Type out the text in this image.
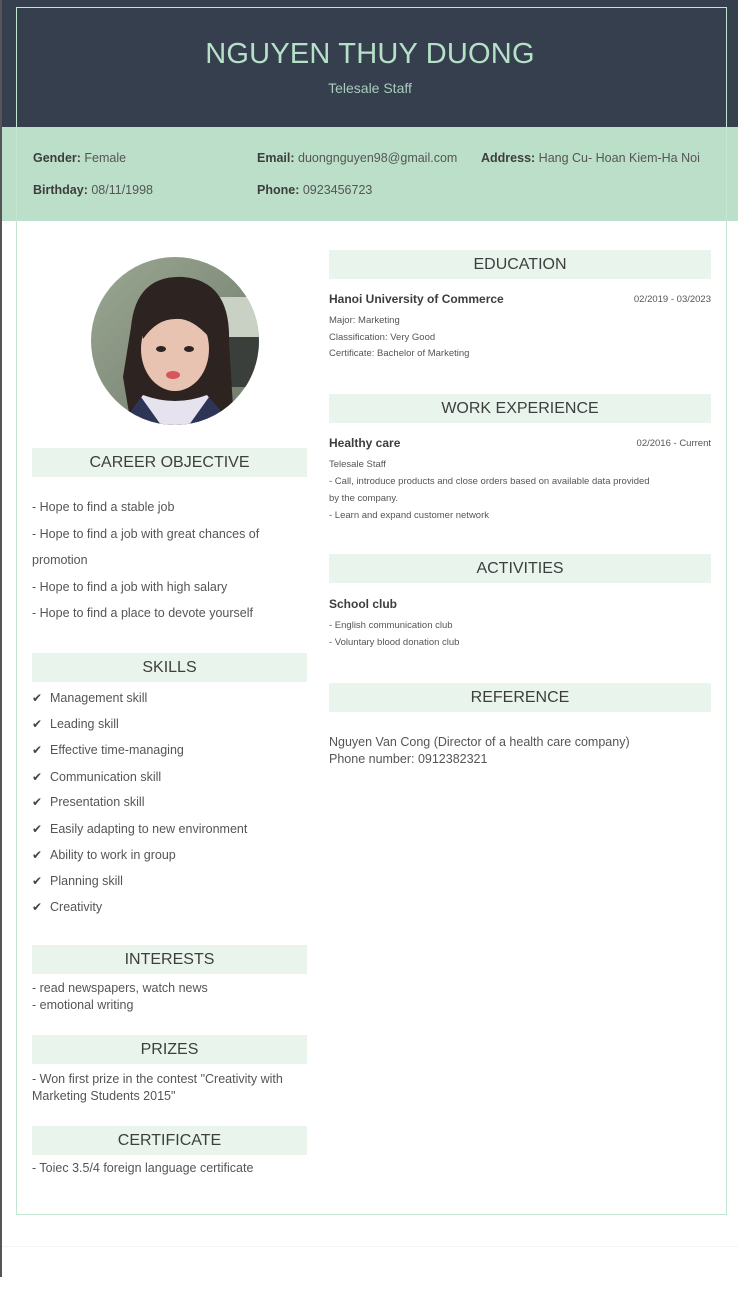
NGUYEN THUY DUONG
Telesale Staff
Gender: Female	Email: duongnguyen98@gmail.com Address: Hang Cu- Hoan Kiem-Ha Noi
Birthday: 08/11/1998	Phone: 0923456723
CAREER OBJECTIVE
- Hope to find a stable job
- Hope to find a job with great chances of
promotion
- Hope to find a job with high salary
- Hope to find a place to devote yourself
SKILLS
✔ Management skill
✔ Leading skill
✔ Effective time-managing
✔ Communication skill
✔ Presentation skill
✔ Easily adapting to new environment
✔ Ability to work in group
✔ Planning skill
✔ Creativity
INTERESTS
- read newspapers, watch news
- emotional writing
PRIZES
- Won first prize in the contest "Creativity with
Marketing Students 2015"
CERTIFICATE
- Toiec 3.5/4 foreign language certificate
EDUCATION
Hanoi University of Commerce	02/2019 - 03/2023
Major: Marketing
Classification: Very Good
Certificate: Bachelor of Marketing
WORK EXPERIENCE
Healthy care	02/2016 - Current
Telesale Staff
- Call, introduce products and close orders based on available data provided
by the company.
- Learn and expand customer network
ACTIVITIES
School club
- English communication club
- Voluntary blood donation club
REFERENCE
Nguyen Van Cong (Director of a health care company)
Phone number: 0912382321
